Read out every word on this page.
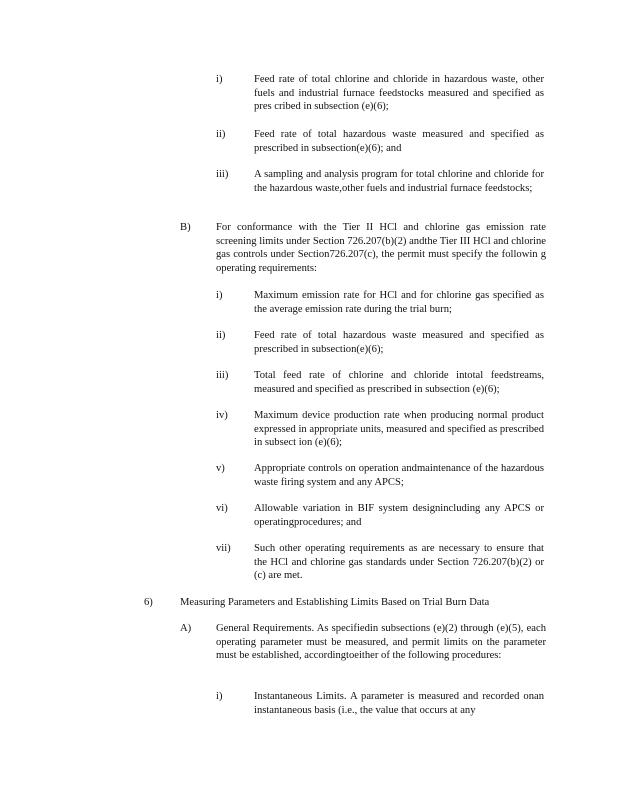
i)	Feed rate of total chlorine and chloride in hazardous waste, other fuels and industrial furnace feedstocks measured and specified as pres cribed in subsection (e)(6);
ii)	Feed rate of total hazardous waste measured and specified as prescribed in subsection(e)(6); and
iii) A sampling and analysis program for total chlorine and chloride for the hazardous waste,other fuels and industrial furnace feedstocks;
B) For conformance with the Tier II HCl and chlorine gas emission rate screening limits under Section 726.207(b)(2) andthe Tier III HCl and chlorine gas controls under Section726.207(c), the permit must specify the followin g operating requirements:
i)	Maximum emission rate for HCl and for chlorine gas specified as the average emission rate during the trial burn;
ii)	Feed rate of total hazardous waste measured and specified as prescribed in subsection(e)(6);
iii) Total feed rate of chlorine and chloride intotal feedstreams, measured and specified as prescribed in subsection (e)(6);
iv) Maximum device production rate when producing normal product expressed in appropriate units, measured and specified as prescribed in subsect ion (e)(6);
v)	Appropriate controls on operation andmaintenance of the hazardous waste firing system and any APCS;
vi) Allowable variation in BIF system designincluding any APCS or operatingprocedures; and
vii) Such other operating requirements as are necessary to ensure that the HCl and chlorine gas standards under Section 726.207(b)(2) or (c) are met.
6)	Measuring Parameters and Establishing Limits Based on Trial Burn Data
A) General Requirements. As specifiedin subsections (e)(2) through (e)(5), each operating parameter must be measured, and permit limits on the parameter must be established, accordingtoeither of the following procedures:
i)	Instantaneous Limits. A parameter is measured and recorded onan instantaneous basis (i.e., the value that occurs at any
